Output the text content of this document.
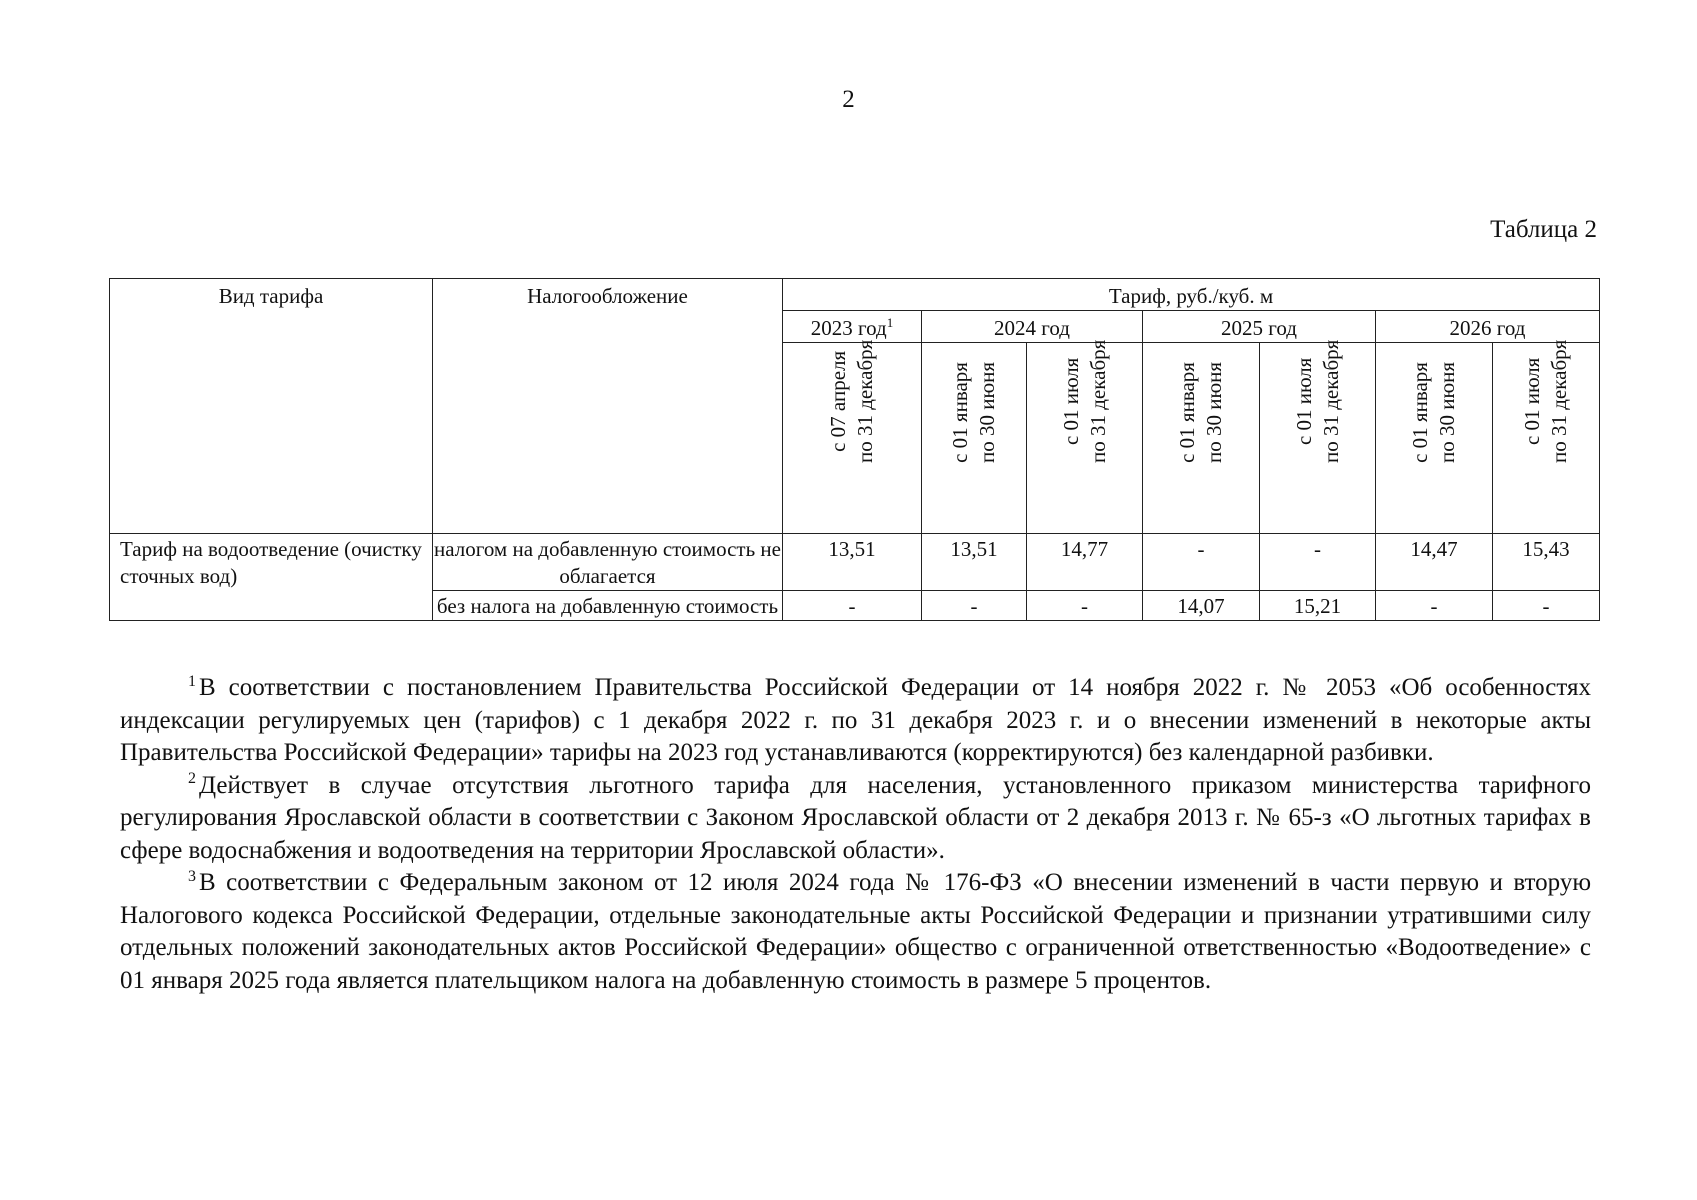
2
Таблица 2
Вид тарифа	Налогообложение	Тариф, руб./куб. м						
		2023 год$^1$	2024 год		2025 год		2026 год	

		с 07 апреля по 31 декабря	с 01 января по 30 июня	с 01 июля по 31 декабря	с 01 января по 30 июня	с 01 июля по 31 декабря	с 01 января по 30 июня	с 01 июля по 31 декабря

Тариф на водоотведение (очистку сточных вод)	налогом на добавленную стоимость не облагается	13,51	13,51	14,77	-	-	14,47	15,43
	без налога на добавленную стоимость	-	-	-	14,07	15,21	-	-

$^1$ В соответствии с постановлением Правительства Российской Федерации от 14 ноября 2022 г. № 2053 «Об особенностях индексации регулируемых цен (тарифов) с 1 декабря 2022 г. по 31 декабря 2023 г. и о внесении изменений в некоторые акты Правительства Российской Федерации» тарифы на 2023 год устанавливаются (корректируются) без календарной разбивки.

$^2$ Действует в случае отсутствия льготного тарифа для населения, установленного приказом министерства тарифного регулирования Ярославской области в соответствии с Законом Ярославской области от 2 декабря 2013 г. № 65-з «О льготных тарифах в сфере водоснабжения и водоотведения на территории Ярославской области».

$^3$ В соответствии с Федеральным законом от 12 июля 2024 года № 176-ФЗ «О внесении изменений в части первую и вторую Налогового кодекса Российской Федерации, отдельные законодательные акты Российской Федерации и признании утратившими силу отдельных положений законодательных актов Российской Федерации» общество с ограниченной ответственностью «Водоотведение» с 01 января 2025 года является плательщиком налога на добавленную стоимость в размере 5 процентов.
